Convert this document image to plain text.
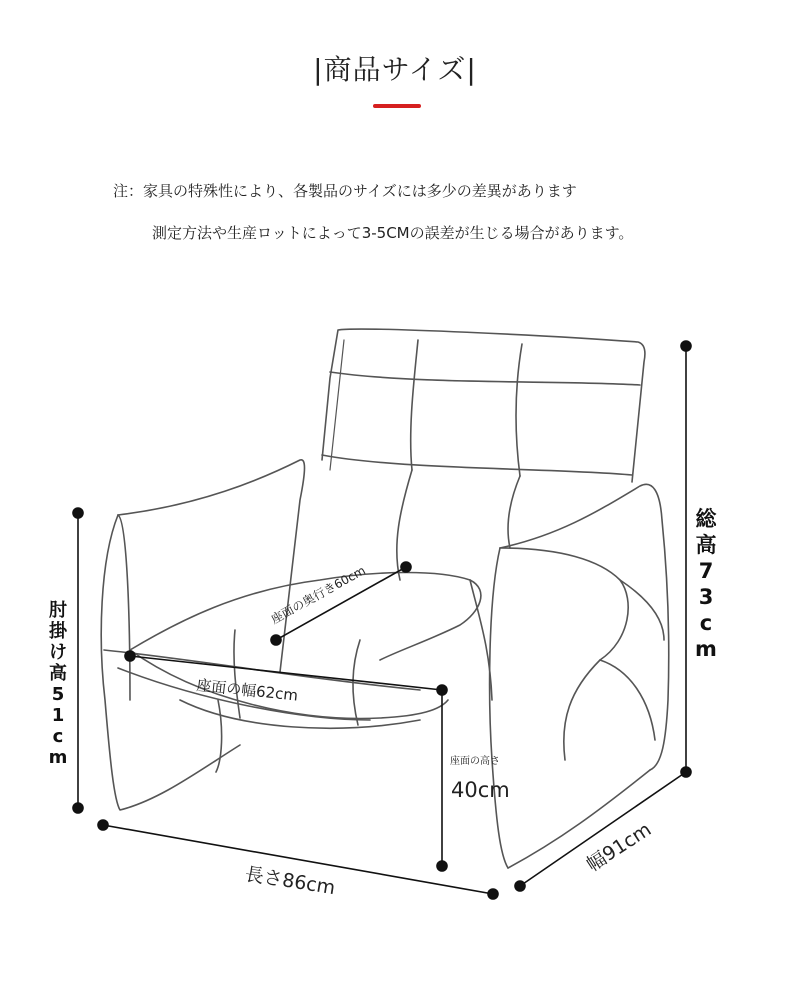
|商品サイズ|
注：家具の特殊性により、各製品のサイズには多少の差異があります
測定方法や生産ロットによって3-5CMの誤差が生じる場合があります。
座面の奥行き60cm
座面の幅62cm
座面の高さ
40cm
長さ86cm
幅91cm
総
高
7
3
c
m
肘
掛
け
高
5
1
c
m
